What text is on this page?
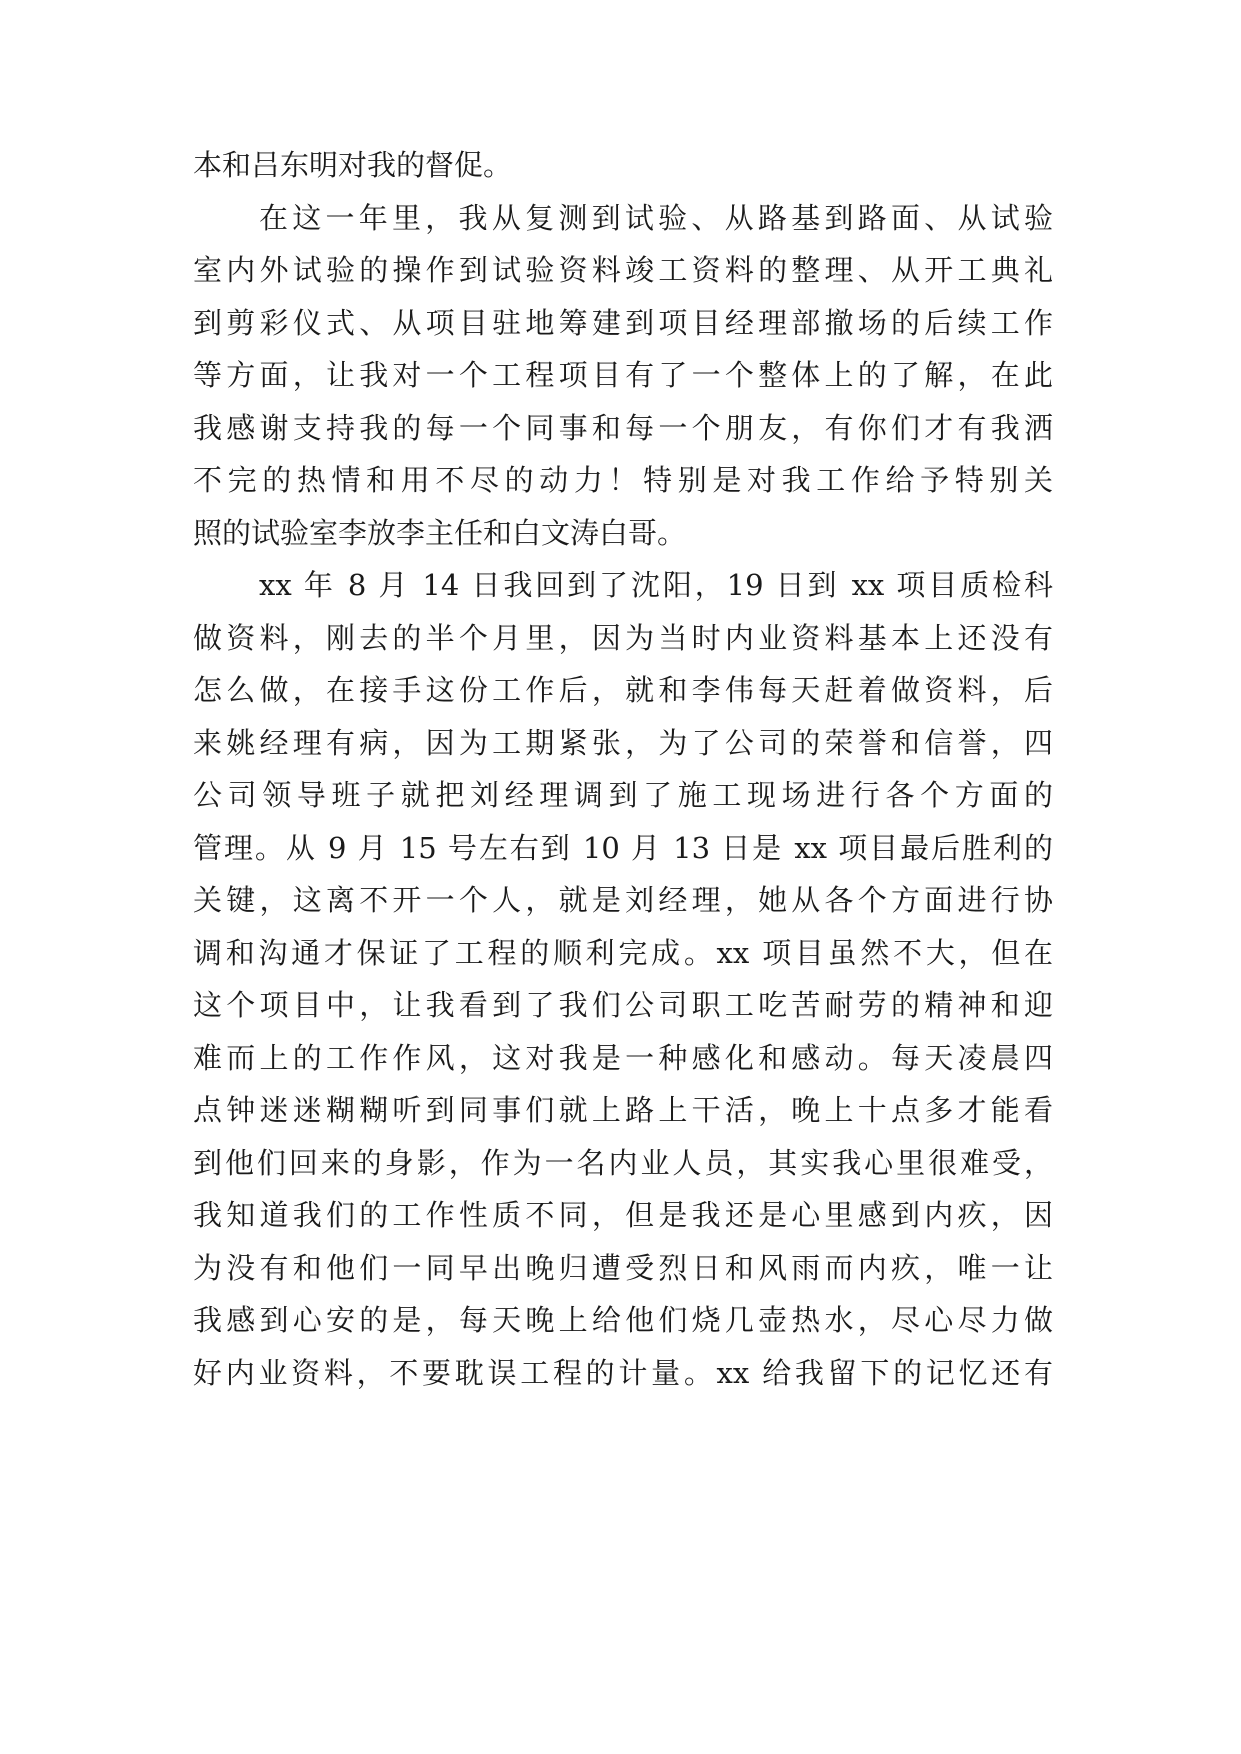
本和吕东明对我的督促。
在这一年里，我从复测到试验、从路基到路面、从试验
室内外试验的操作到试验资料竣工资料的整理、从开工典礼
到剪彩仪式、从项目驻地筹建到项目经理部撤场的后续工作
等方面，让我对一个工程项目有了一个整体上的了解，在此
我感谢支持我的每一个同事和每一个朋友，有你们才有我洒
不完的热情和用不尽的动力！特别是对我工作给予特别关
照的试验室李放李主任和白文涛白哥。
xx 年 8 月 14 日我回到了沈阳，19 日到 xx 项目质检科
做资料，刚去的半个月里，因为当时内业资料基本上还没有
怎么做，在接手这份工作后，就和李伟每天赶着做资料，后
来姚经理有病，因为工期紧张，为了公司的荣誉和信誉，四
公司领导班子就把刘经理调到了施工现场进行各个方面的
管理。从 9 月 15 号左右到 10 月 13 日是 xx 项目最后胜利的
关键，这离不开一个人，就是刘经理，她从各个方面进行协
调和沟通才保证了工程的顺利完成。xx 项目虽然不大，但在
这个项目中，让我看到了我们公司职工吃苦耐劳的精神和迎
难而上的工作作风，这对我是一种感化和感动。每天凌晨四
点钟迷迷糊糊听到同事们就上路上干活，晚上十点多才能看
到他们回来的身影，作为一名内业人员，其实我心里很难受，
我知道我们的工作性质不同，但是我还是心里感到内疚，因
为没有和他们一同早出晚归遭受烈日和风雨而内疚，唯一让
我感到心安的是，每天晚上给他们烧几壶热水，尽心尽力做
好内业资料，不要耽误工程的计量。xx 给我留下的记忆还有
